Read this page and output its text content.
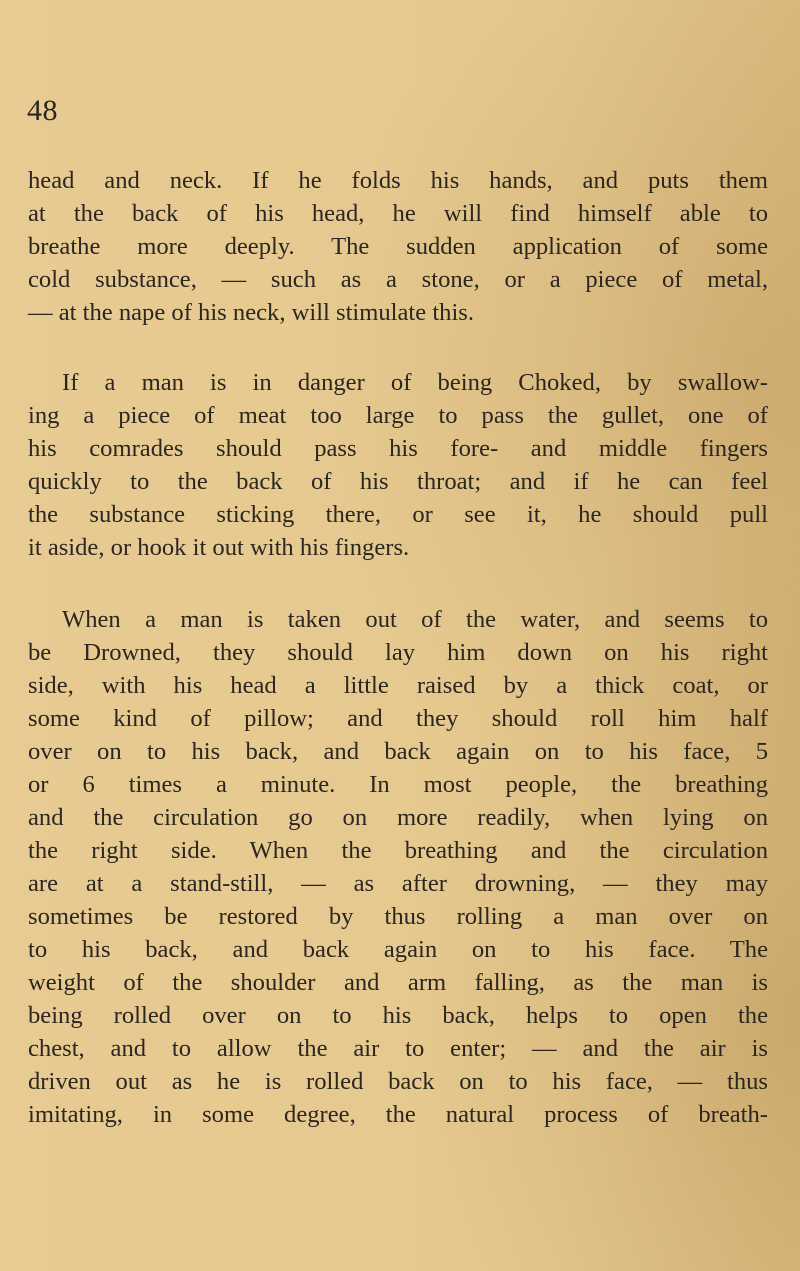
48

head and neck. If he folds his hands, and puts them
at the back of his head, he will find himself able to
breathe more deeply. The sudden application of some
cold substance, — such as a stone, or a piece of metal,
— at the nape of his neck, will stimulate this.

If a man is in danger of being Choked, by swallow-
ing a piece of meat too large to pass the gullet, one of
his comrades should pass his fore- and middle fingers
quickly to the back of his throat; and if he can feel
the substance sticking there, or see it, he should pull
it aside, or hook it out with his fingers.

When a man is taken out of the water, and seems to
be Drowned, they should lay him down on his right
side, with his head a little raised by a thick coat, or
some kind of pillow; and they should roll him half
over on to his back, and back again on to his face, 5
or 6 times a minute. In most people, the breathing
and the circulation go on more readily, when lying on
the right side. When the breathing and the circulation
are at a stand-still, — as after drowning, — they may
sometimes be restored by thus rolling a man over on
to his back, and back again on to his face. The
weight of the shoulder and arm falling, as the man is
being rolled over on to his back, helps to open the
chest, and to allow the air to enter; — and the air is
driven out as he is rolled back on to his face, — thus
imitating, in some degree, the natural process of breath-
